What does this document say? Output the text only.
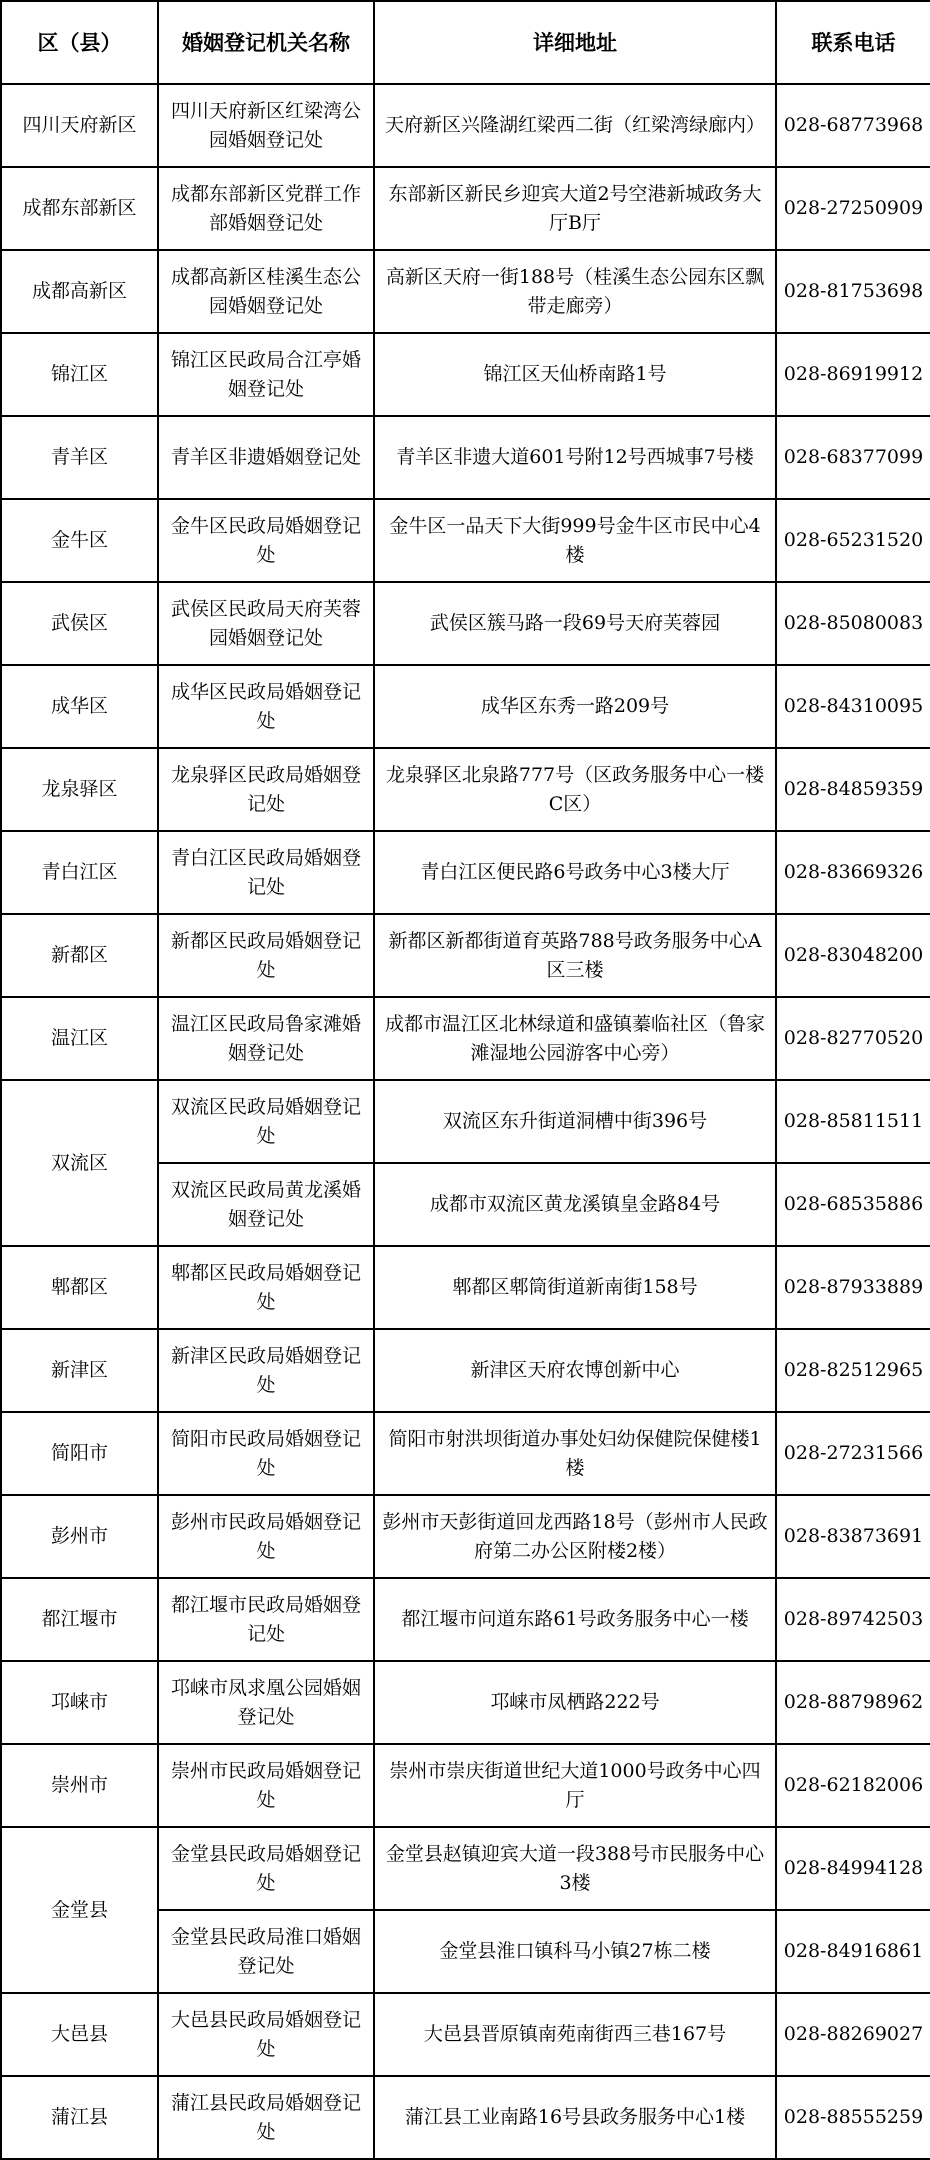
区（县）	婚姻登记机关名称	详细地址	联系电话
四川天府新区	四川天府新区红梁湾公园婚姻登记处	天府新区兴隆湖红梁西二街（红梁湾绿廊内）	028-68773968
成都东部新区	成都东部新区党群工作部婚姻登记处	东部新区新民乡迎宾大道2号空港新城政务大厅B厅	028-27250909
成都高新区	成都高新区桂溪生态公园婚姻登记处	高新区天府一街188号（桂溪生态公园东区飘带走廊旁）	028-81753698
锦江区	锦江区民政局合江亭婚姻登记处	锦江区天仙桥南路1号	028-86919912
青羊区	青羊区非遗婚姻登记处	青羊区非遗大道601号附12号西城事7号楼	028-68377099
金牛区	金牛区民政局婚姻登记处	金牛区一品天下大街999号金牛区市民中心4楼	028-65231520
武侯区	武侯区民政局天府芙蓉园婚姻登记处	武侯区簇马路一段69号天府芙蓉园	028-85080083
成华区	成华区民政局婚姻登记处	成华区东秀一路209号	028-84310095
龙泉驿区	龙泉驿区民政局婚姻登记处	龙泉驿区北泉路777号（区政务服务中心一楼C区）	028-84859359
青白江区	青白江区民政局婚姻登记处	青白江区便民路6号政务中心3楼大厅	028-83669326
新都区	新都区民政局婚姻登记处	新都区新都街道育英路788号政务服务中心A区三楼	028-83048200
温江区	温江区民政局鲁家滩婚姻登记处	成都市温江区北林绿道和盛镇蓁临社区（鲁家滩湿地公园游客中心旁）	028-82770520
双流区	双流区民政局婚姻登记处	双流区东升街道洞槽中街396号	028-85811511
	双流区民政局黄龙溪婚姻登记处	成都市双流区黄龙溪镇皇金路84号	028-68535886
郫都区	郫都区民政局婚姻登记处	郫都区郫筒街道新南街158号	028-87933889
新津区	新津区民政局婚姻登记处	新津区天府农博创新中心	028-82512965
简阳市	简阳市民政局婚姻登记处	简阳市射洪坝街道办事处妇幼保健院保健楼1楼	028-27231566
彭州市	彭州市民政局婚姻登记处	彭州市天彭街道回龙西路18号（彭州市人民政府第二办公区附楼2楼）	028-83873691
都江堰市	都江堰市民政局婚姻登记处	都江堰市问道东路61号政务服务中心一楼	028-89742503
邛崃市	邛崃市凤求凰公园婚姻登记处	邛崃市凤栖路222号	028-88798962
崇州市	崇州市民政局婚姻登记处	崇州市崇庆街道世纪大道1000号政务中心四厅	028-62182006
金堂县	金堂县民政局婚姻登记处	金堂县赵镇迎宾大道一段388号市民服务中心3楼	028-84994128
	金堂县民政局淮口婚姻登记处	金堂县淮口镇科马小镇27栋二楼	028-84916861
大邑县	大邑县民政局婚姻登记处	大邑县晋原镇南苑南街西三巷167号	028-88269027
蒲江县	蒲江县民政局婚姻登记处	蒲江县工业南路16号县政务服务中心1楼	028-88555259
